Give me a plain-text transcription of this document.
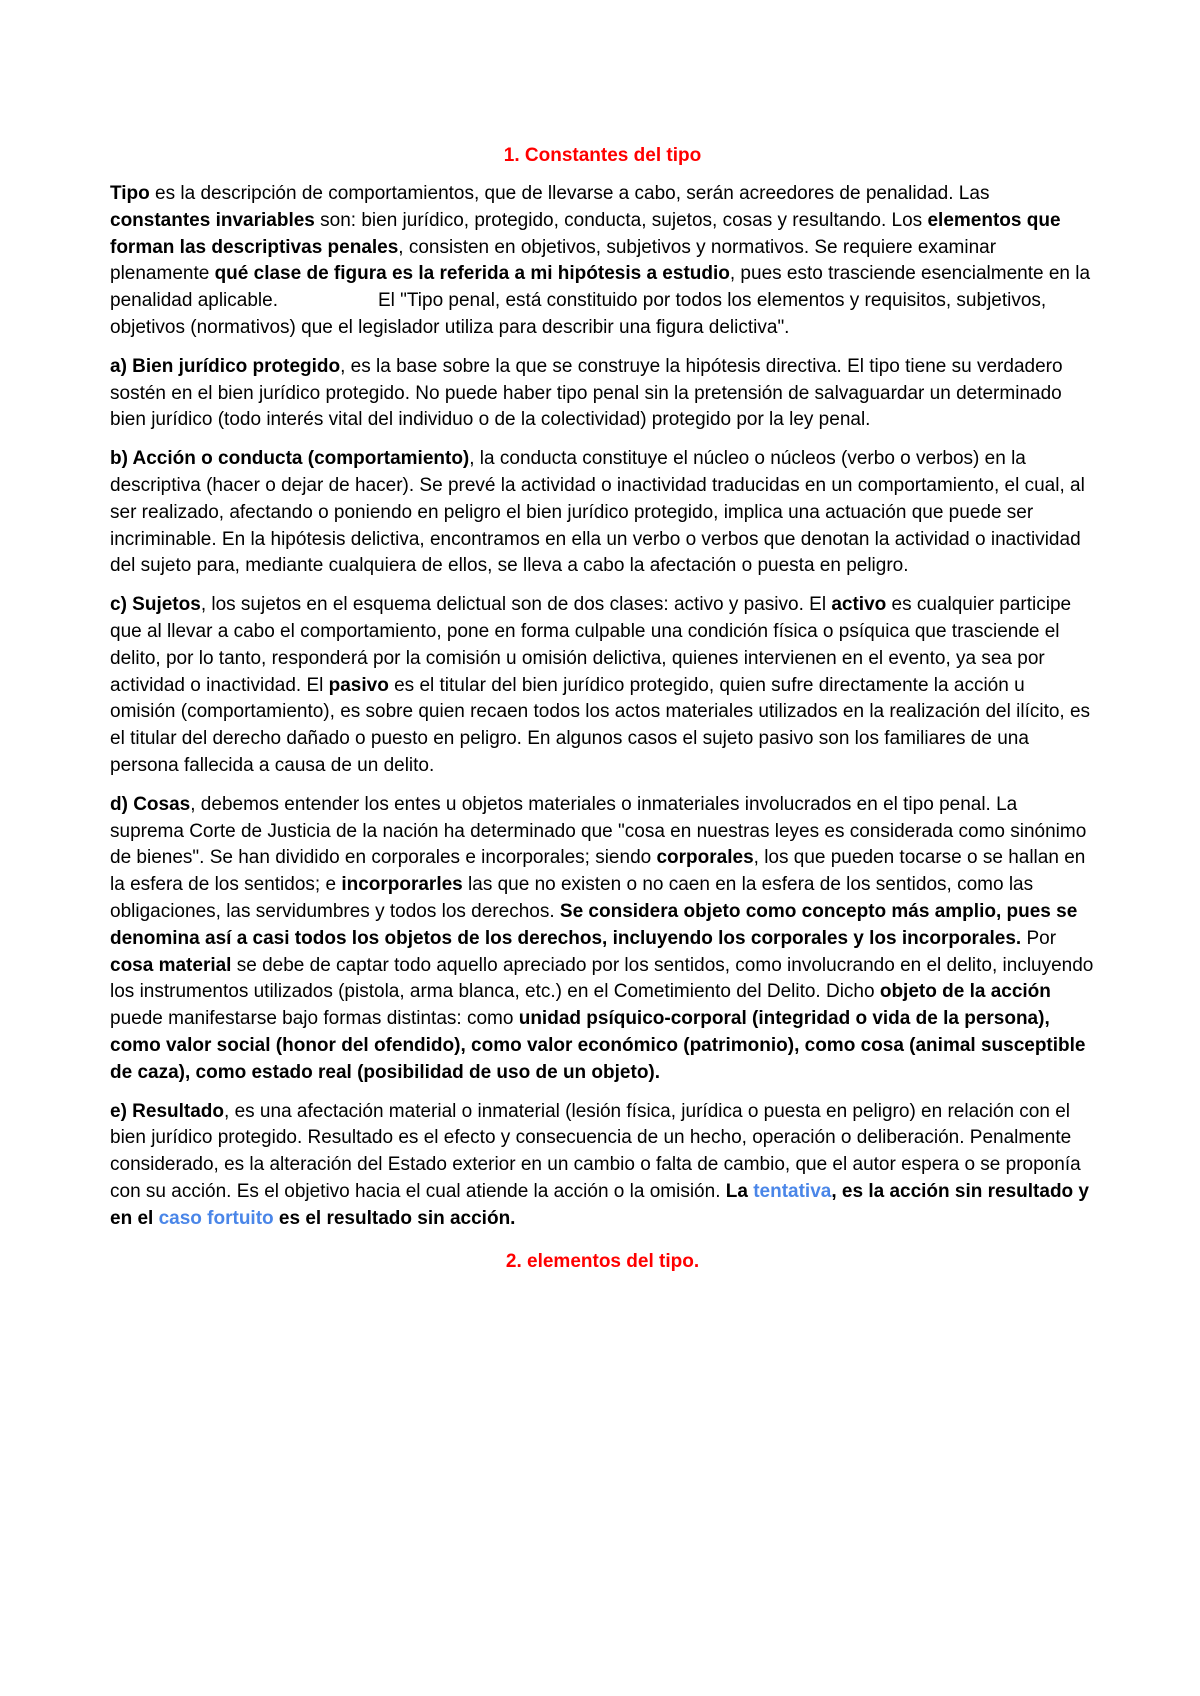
1. Constantes del tipo

Tipo es la descripción de comportamientos, que de llevarse a cabo, serán acreedores de penalidad. Las constantes invariables son: bien jurídico, protegido, conducta, sujetos, cosas y resultando. Los elementos que forman las descriptivas penales, consisten en objetivos, subjetivos y normativos. Se requiere examinar plenamente qué clase de figura es la referida a mi hipótesis a estudio, pues esto trasciende esencialmente en la penalidad aplicable.	El "Tipo penal, está constituido por todos los elementos y requisitos, subjetivos, objetivos (normativos) que el legislador utiliza para describir una figura delictiva".

a) Bien jurídico protegido, es la base sobre la que se construye la hipótesis directiva. El tipo tiene su verdadero sostén en el bien jurídico protegido. No puede haber tipo penal sin la pretensión de salvaguardar un determinado bien jurídico (todo interés vital del individuo o de la colectividad) protegido por la ley penal.

b) Acción o conducta (comportamiento), la conducta constituye el núcleo o núcleos (verbo o verbos) en la descriptiva (hacer o dejar de hacer). Se prevé la actividad o inactividad traducidas en un comportamiento, el cual, al ser realizado, afectando o poniendo en peligro el bien jurídico protegido, implica una actuación que puede ser incriminable. En la hipótesis delictiva, encontramos en ella un verbo o verbos que denotan la actividad o inactividad del sujeto para, mediante cualquiera de ellos, se lleva a cabo la afectación o puesta en peligro.

c) Sujetos, los sujetos en el esquema delictual son de dos clases: activo y pasivo. El activo es cualquier participe que al llevar a cabo el comportamiento, pone en forma culpable una condición física o psíquica que trasciende el delito, por lo tanto, responderá por la comisión u omisión delictiva, quienes intervienen en el evento, ya sea por actividad o inactividad. El pasivo es el titular del bien jurídico protegido, quien sufre directamente la acción u omisión (comportamiento), es sobre quien recaen todos los actos materiales utilizados en la realización del ilícito, es el titular del derecho dañado o puesto en peligro. En algunos casos el sujeto pasivo son los familiares de una persona fallecida a causa de un delito.

d) Cosas, debemos entender los entes u objetos materiales o inmateriales involucrados en el tipo penal. La suprema Corte de Justicia de la nación ha determinado que "cosa en nuestras leyes es considerada como sinónimo de bienes". Se han dividido en corporales e incorporales; siendo corporales, los que pueden tocarse o se hallan en la esfera de los sentidos; e incorporarles las que no existen o no caen en la esfera de los sentidos, como las obligaciones, las servidumbres y todos los derechos. Se considera objeto como concepto más amplio, pues se denomina así a casi todos los objetos de los derechos, incluyendo los corporales y los incorporales. Por cosa material se debe de captar todo aquello apreciado por los sentidos, como involucrando en el delito, incluyendo los instrumentos utilizados (pistola, arma blanca, etc.) en el Cometimiento del Delito. Dicho objeto de la acción puede manifestarse bajo formas distintas: como unidad psíquico-corporal (integridad o vida de la persona), como valor social (honor del ofendido), como valor económico (patrimonio), como cosa (animal susceptible de caza), como estado real (posibilidad de uso de un objeto).

e) Resultado, es una afectación material o inmaterial (lesión física, jurídica o puesta en peligro) en relación con el bien jurídico protegido. Resultado es el efecto y consecuencia de un hecho, operación o deliberación. Penalmente considerado, es la alteración del Estado exterior en un cambio o falta de cambio, que el autor espera o se proponía con su acción. Es el objetivo hacia el cual atiende la acción o la omisión. La tentativa, es la acción sin resultado y en el caso fortuito es el resultado sin acción.

2. elementos del tipo.
